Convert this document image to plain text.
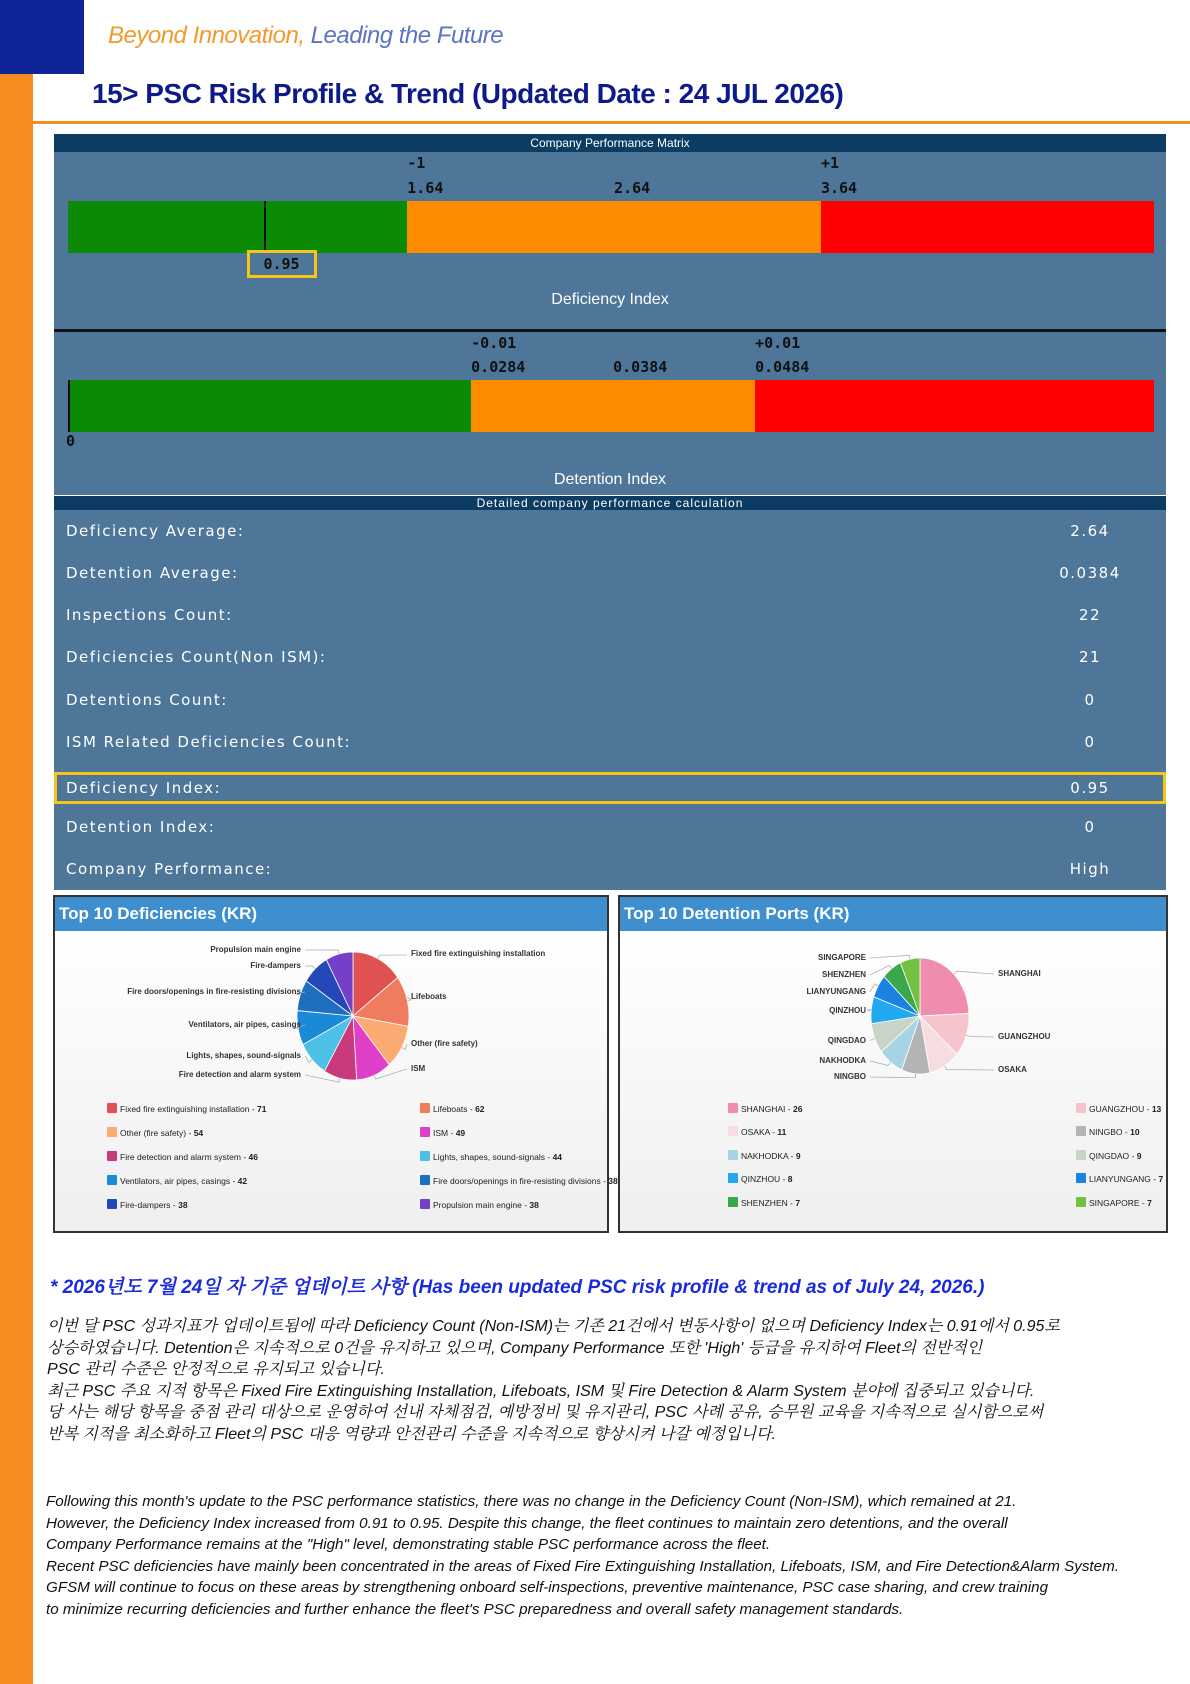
Beyond Innovation, Leading the Future
15> PSC Risk Profile & Trend (Updated Date : 24 JUL 2026)
Company Performance Matrix
-1	+1
1.64	2.64	3.64
0.95
Deficiency Index
-0.01	+0.01
0.0284	0.0384	0.0484
0
Detention Index
Detailed company performance calculation
Deficiency Average:	2.64
Detention Average:	0.0384
Inspections Count:	22
Deficiencies Count(Non ISM):	21
Detentions Count:	0
ISM Related Deficiencies Count:	0
Deficiency Index:	0.95
Detention Index:	0
Company Performance:	High
Top 10 Deficiencies (KR)
Propulsion main engine
Fire-dampers
Fire doors/openings in fire-resisting divisions
Ventilators, air pipes, casings
Lights, shapes, sound-signals
Fire detection and alarm system
Fixed fire extinguishing installation
Lifeboats
Other (fire safety)
ISM
Fixed fire extinguishing installation - 71
Other (fire safety) - 54
Fire detection and alarm system - 46
Ventilators, air pipes, casings - 42
Fire-dampers - 38
Lifeboats - 62
ISM - 49
Lights, shapes, sound-signals - 44
Fire doors/openings in fire-resisting divisions - 38
Propulsion main engine - 38
Top 10 Detention Ports (KR)
SINGAPORE
SHENZHEN
LIANYUNGANG
QINZHOU
QINGDAO
NAKHODKA
NINGBO
SHANGHAI
GUANGZHOU
OSAKA
SHANGHAI - 26
OSAKA - 11
NAKHODKA - 9
QINZHOU - 8
SHENZHEN - 7
GUANGZHOU - 13
NINGBO - 10
QINGDAO - 9
LIANYUNGANG - 7
SINGAPORE - 7
* 2026년도 7월 24일 자 기준 업데이트 사항 (Has been updated PSC risk profile & trend as of July 24, 2026.)
이번 달 PSC 성과지표가 업데이트됨에 따라 Deficiency Count (Non-ISM)는 기존 21건에서 변동사항이 없으며 Deficiency Index는 0.91에서 0.95로
상승하였습니다. Detention은 지속적으로 0건을 유지하고 있으며, Company Performance 또한 'High' 등급을 유지하여 Fleet의 전반적인
PSC 관리 수준은 안정적으로 유지되고 있습니다.
최근 PSC 주요 지적 항목은 Fixed Fire Extinguishing Installation, Lifeboats, ISM 및 Fire Detection & Alarm System 분야에 집중되고 있습니다.
당 사는 해당 항목을 중점 관리 대상으로 운영하여 선내 자체점검, 예방정비 및 유지관리, PSC 사례 공유, 승무원 교육을 지속적으로 실시함으로써
반복 지적을 최소화하고 Fleet의 PSC 대응 역량과 안전관리 수준을 지속적으로 향상시켜 나갈 예정입니다.
Following this month's update to the PSC performance statistics, there was no change in the Deficiency Count (Non-ISM), which remained at 21.
However, the Deficiency Index increased from 0.91 to 0.95. Despite this change, the fleet continues to maintain zero detentions, and the overall
Company Performance remains at the "High" level, demonstrating stable PSC performance across the fleet.
Recent PSC deficiencies have mainly been concentrated in the areas of Fixed Fire Extinguishing Installation, Lifeboats, ISM, and Fire Detection&Alarm System.
GFSM will continue to focus on these areas by strengthening onboard self-inspections, preventive maintenance, PSC case sharing, and crew training
to minimize recurring deficiencies and further enhance the fleet's PSC preparedness and overall safety management standards.
